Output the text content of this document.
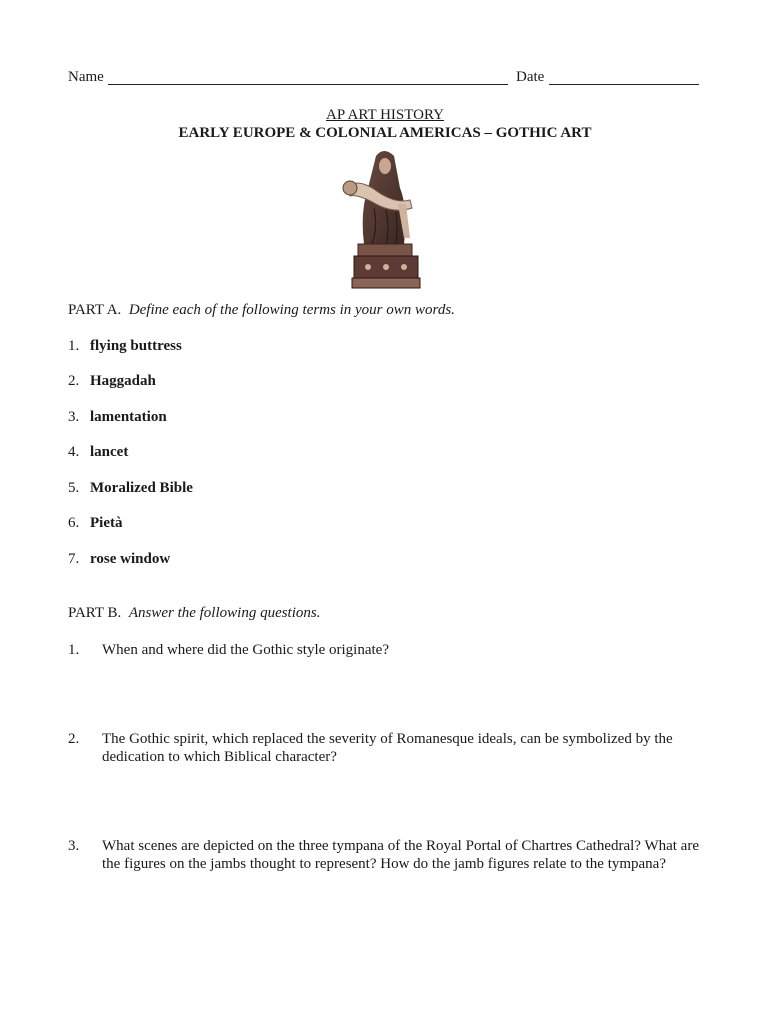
Name	Date
AP ART HISTORY
EARLY EUROPE & COLONIAL AMERICAS – GOTHIC ART
PART A. Define each of the following terms in your own words.
1. flying buttress
2. Haggadah
3. lamentation
4. lancet
5. Moralized Bible
6. Pietà
7. rose window
PART B. Answer the following questions.
1. When and where did the Gothic style originate?
2. The Gothic spirit, which replaced the severity of Romanesque ideals, can be symbolized by the dedication to which Biblical character?
3. What scenes are depicted on the three tympana of the Royal Portal of Chartres Cathedral? What are the figures on the jambs thought to represent? How do the jamb figures relate to the tympana?
